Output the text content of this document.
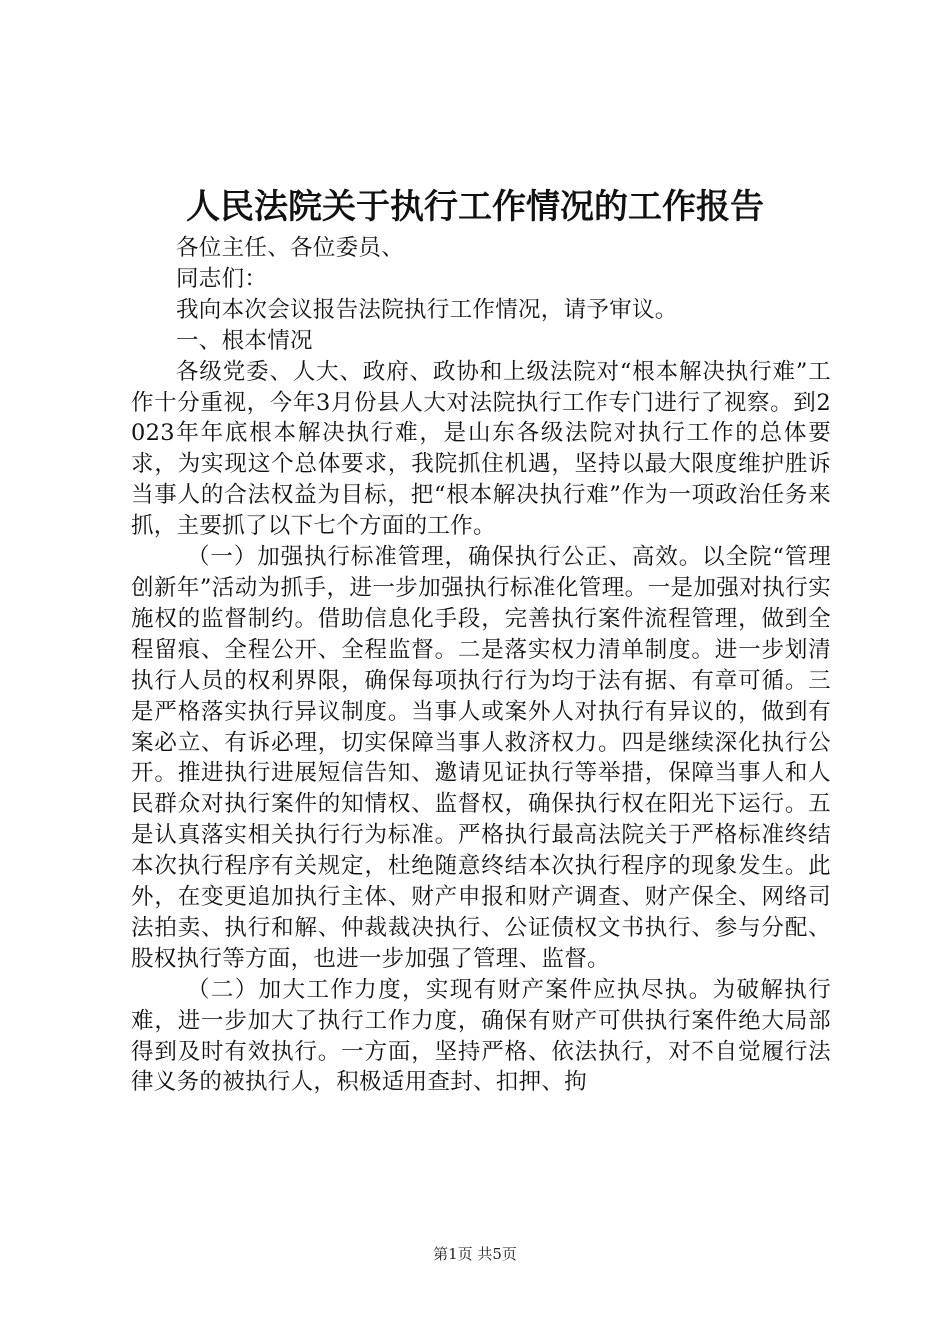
人民法院关于执行工作情况的工作报告

各位主任、各位委员、

同志们：

我向本次会议报告法院执行工作情况，请予审议。

一、根本情况

各级党委、人大、政府、政协和上级法院对“根本解决执行难”工作十分重视，今年3月份县人大对法院执行工作专门进行了视察。到2023年年底根本解决执行难，是山东各级法院对执行工作的总体要求，为实现这个总体要求，我院抓住机遇，坚持以最大限度维护胜诉当事人的合法权益为目标，把“根本解决执行难”作为一项政治任务来抓，主要抓了以下七个方面的工作。

（一）加强执行标准管理，确保执行公正、高效。以全院“管理创新年”活动为抓手，进一步加强执行标准化管理。一是加强对执行实施权的监督制约。借助信息化手段，完善执行案件流程管理，做到全程留痕、全程公开、全程监督。二是落实权力清单制度。进一步划清执行人员的权利界限，确保每项执行行为均于法有据、有章可循。三是严格落实执行异议制度。当事人或案外人对执行有异议的，做到有案必立、有诉必理，切实保障当事人救济权力。四是继续深化执行公开。推进执行进展短信告知、邀请见证执行等举措，保障当事人和人民群众对执行案件的知情权、监督权，确保执行权在阳光下运行。五是认真落实相关执行行为标准。严格执行最高法院关于严格标准终结本次执行程序有关规定，杜绝随意终结本次执行程序的现象发生。此外，在变更追加执行主体、财产申报和财产调查、财产保全、网络司法拍卖、执行和解、仲裁裁决执行、公证债权文书执行、参与分配、股权执行等方面，也进一步加强了管理、监督。

（二）加大工作力度，实现有财产案件应执尽执。为破解执行难，进一步加大了执行工作力度，确保有财产可供执行案件绝大局部得到及时有效执行。一方面，坚持严格、依法执行，对不自觉履行法律义务的被执行人，积极适用查封、扣押、拘

第1页 共5页
